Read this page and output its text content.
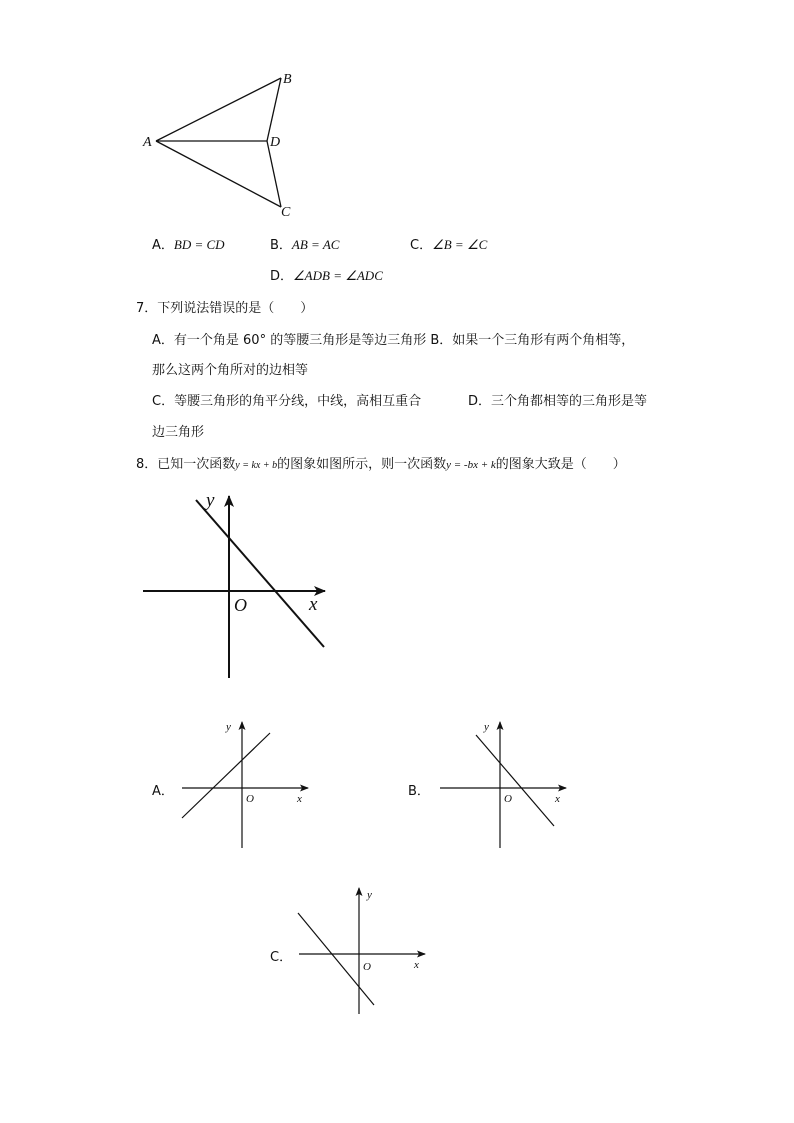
A
B
D
C
A．BD = CD	B．AB = AC	C．∠B = ∠C
D．∠ADB = ∠ADC
7．下列说法错误的是（　　）
A．有一个角是 60° 的等腰三角形是等边三角形 B．如果一个三角形有两个角相等，
那么这两个角所对的边相等
C．等腰三角形的角平分线，中线，高相互重合	D．三个角都相等的三角形是等
边三角形
8．已知一次函数y = kx + b的图象如图所示，则一次函数y = -bx + k的图象大致是（　　）
y
x
O
A．
y
x
O	B．
y
x
O
C．
y
x
O
